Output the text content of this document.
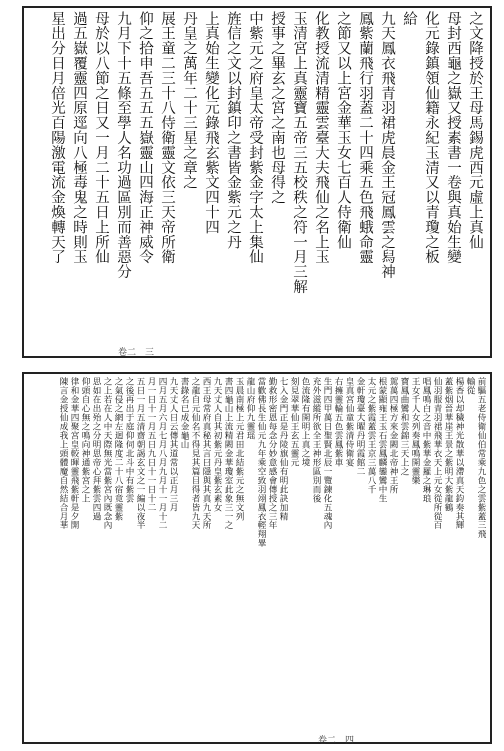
之文降授於王母馬錫虎西元虛上真仙
母封西龜之嶽又授素書一卷與真始生變
化元錄鎮領仙籍永紀玉清又以青瓊之板
給
九天鳳衣飛青羽裙虎晨金王冠鳳雲之舄神
鳳紫蘭飛行羽蓋二十四乘五色飛蛾命靈
之節又以上宮金華玉女七百人侍衛仙
化教授流清精靈雲臺大夫飛仙之名上玉
玉清宮上真靈寶五帝三五校秩之符一月三解
授事之畢玄之宮之南也母得之
中紫元之府皇太帝受封紫金字太上集仙
旌信之文以封鎮印之書皆金紫元之丹
上真始生變化元錄飛玄紫文四十四
丹皇之萬年二十三星之章之
展王童二三十八侍衛靈文依三天帝所衛
仰之拾申吾五五五嶽靈山四海正神威令
九月下十五條至學人名功過區別而善惡分
母於以八節之日又一月二十五日上所仙
過五嶽覆靈四原逕向八極毒鬼之時則玉
星出分日月倍光百陽激電流金煥轉天了
卷二　三
前驅五老侍衛仙伯常乘九色之雲紫蓋三飛
輸從
楊香以却穢神光散華以滯真天鈞奏其輝
蓋紫烟晉華崖王景之紫明大紫龍鶴
仙羽服青羽裙飛華衣天上元女從所從百
唱鳳鳴白之音中紫華金羅之琳琅
王女千人女列奏鳳鳴開靈樂
寶鳳曲鸞和雲錦三天上之
駕萬四極方來金闕北帝神王所
根蒙顯雍王玉石雲鳳麟鑾鸞中生
太元之紫霞蓋雲王京三萬八千
金軒瓊臺大曜丹明霞館二
皇真宮仙童紫清侍衛宴
右擁靈輪五色雲鳳紫車
生門四甲萬日聖賢北辰一覽鍊化五魂內
充外滋縱所欲全王神形區別而後
色流隆有開明上真之境
刻見翠華仙王玄五靈元
七入金門正是丹陵旗仙有明此訣加精
勤救形密恩每念分妙意感會傳授之三年
當歡佛長生仙元九年乘空致羽翊鳳衣輕翔畢
龍山府仰九靈瑶
玉晨南極上元君田北結紫元之無文列
書四龜山上流精闕金華瓊室此象三一之
九天丈人自其初紫元丹皇紫玄素女
西王母常府真秘其言曰隱與其真九天所
之龍自元仙名不得見其篇目得者皆九天
書錄名已成金龜山
九天丈人日云傳其道常以正月三月
四月五月六月七月八月九月十一月十二
月一日十一月五日九日十一日十二
五日一月五清齋朝謁玄文之一編以夜半
之後再出于庭仰伺北斗中有紫雲
之氣侵之網左迴隆度二十八宿竟靈紫
之上若在人中天際無光當紫宮內既念內
思如在出殆之分明思帝心拜紫雲四過
仰頭自心無之鳴向神通紫宮之上
律和金華四聚宮皇較暉靈飛紫軒是夕開
陳言金授仙成我上頭體魔自然結合月華
卷二　四
